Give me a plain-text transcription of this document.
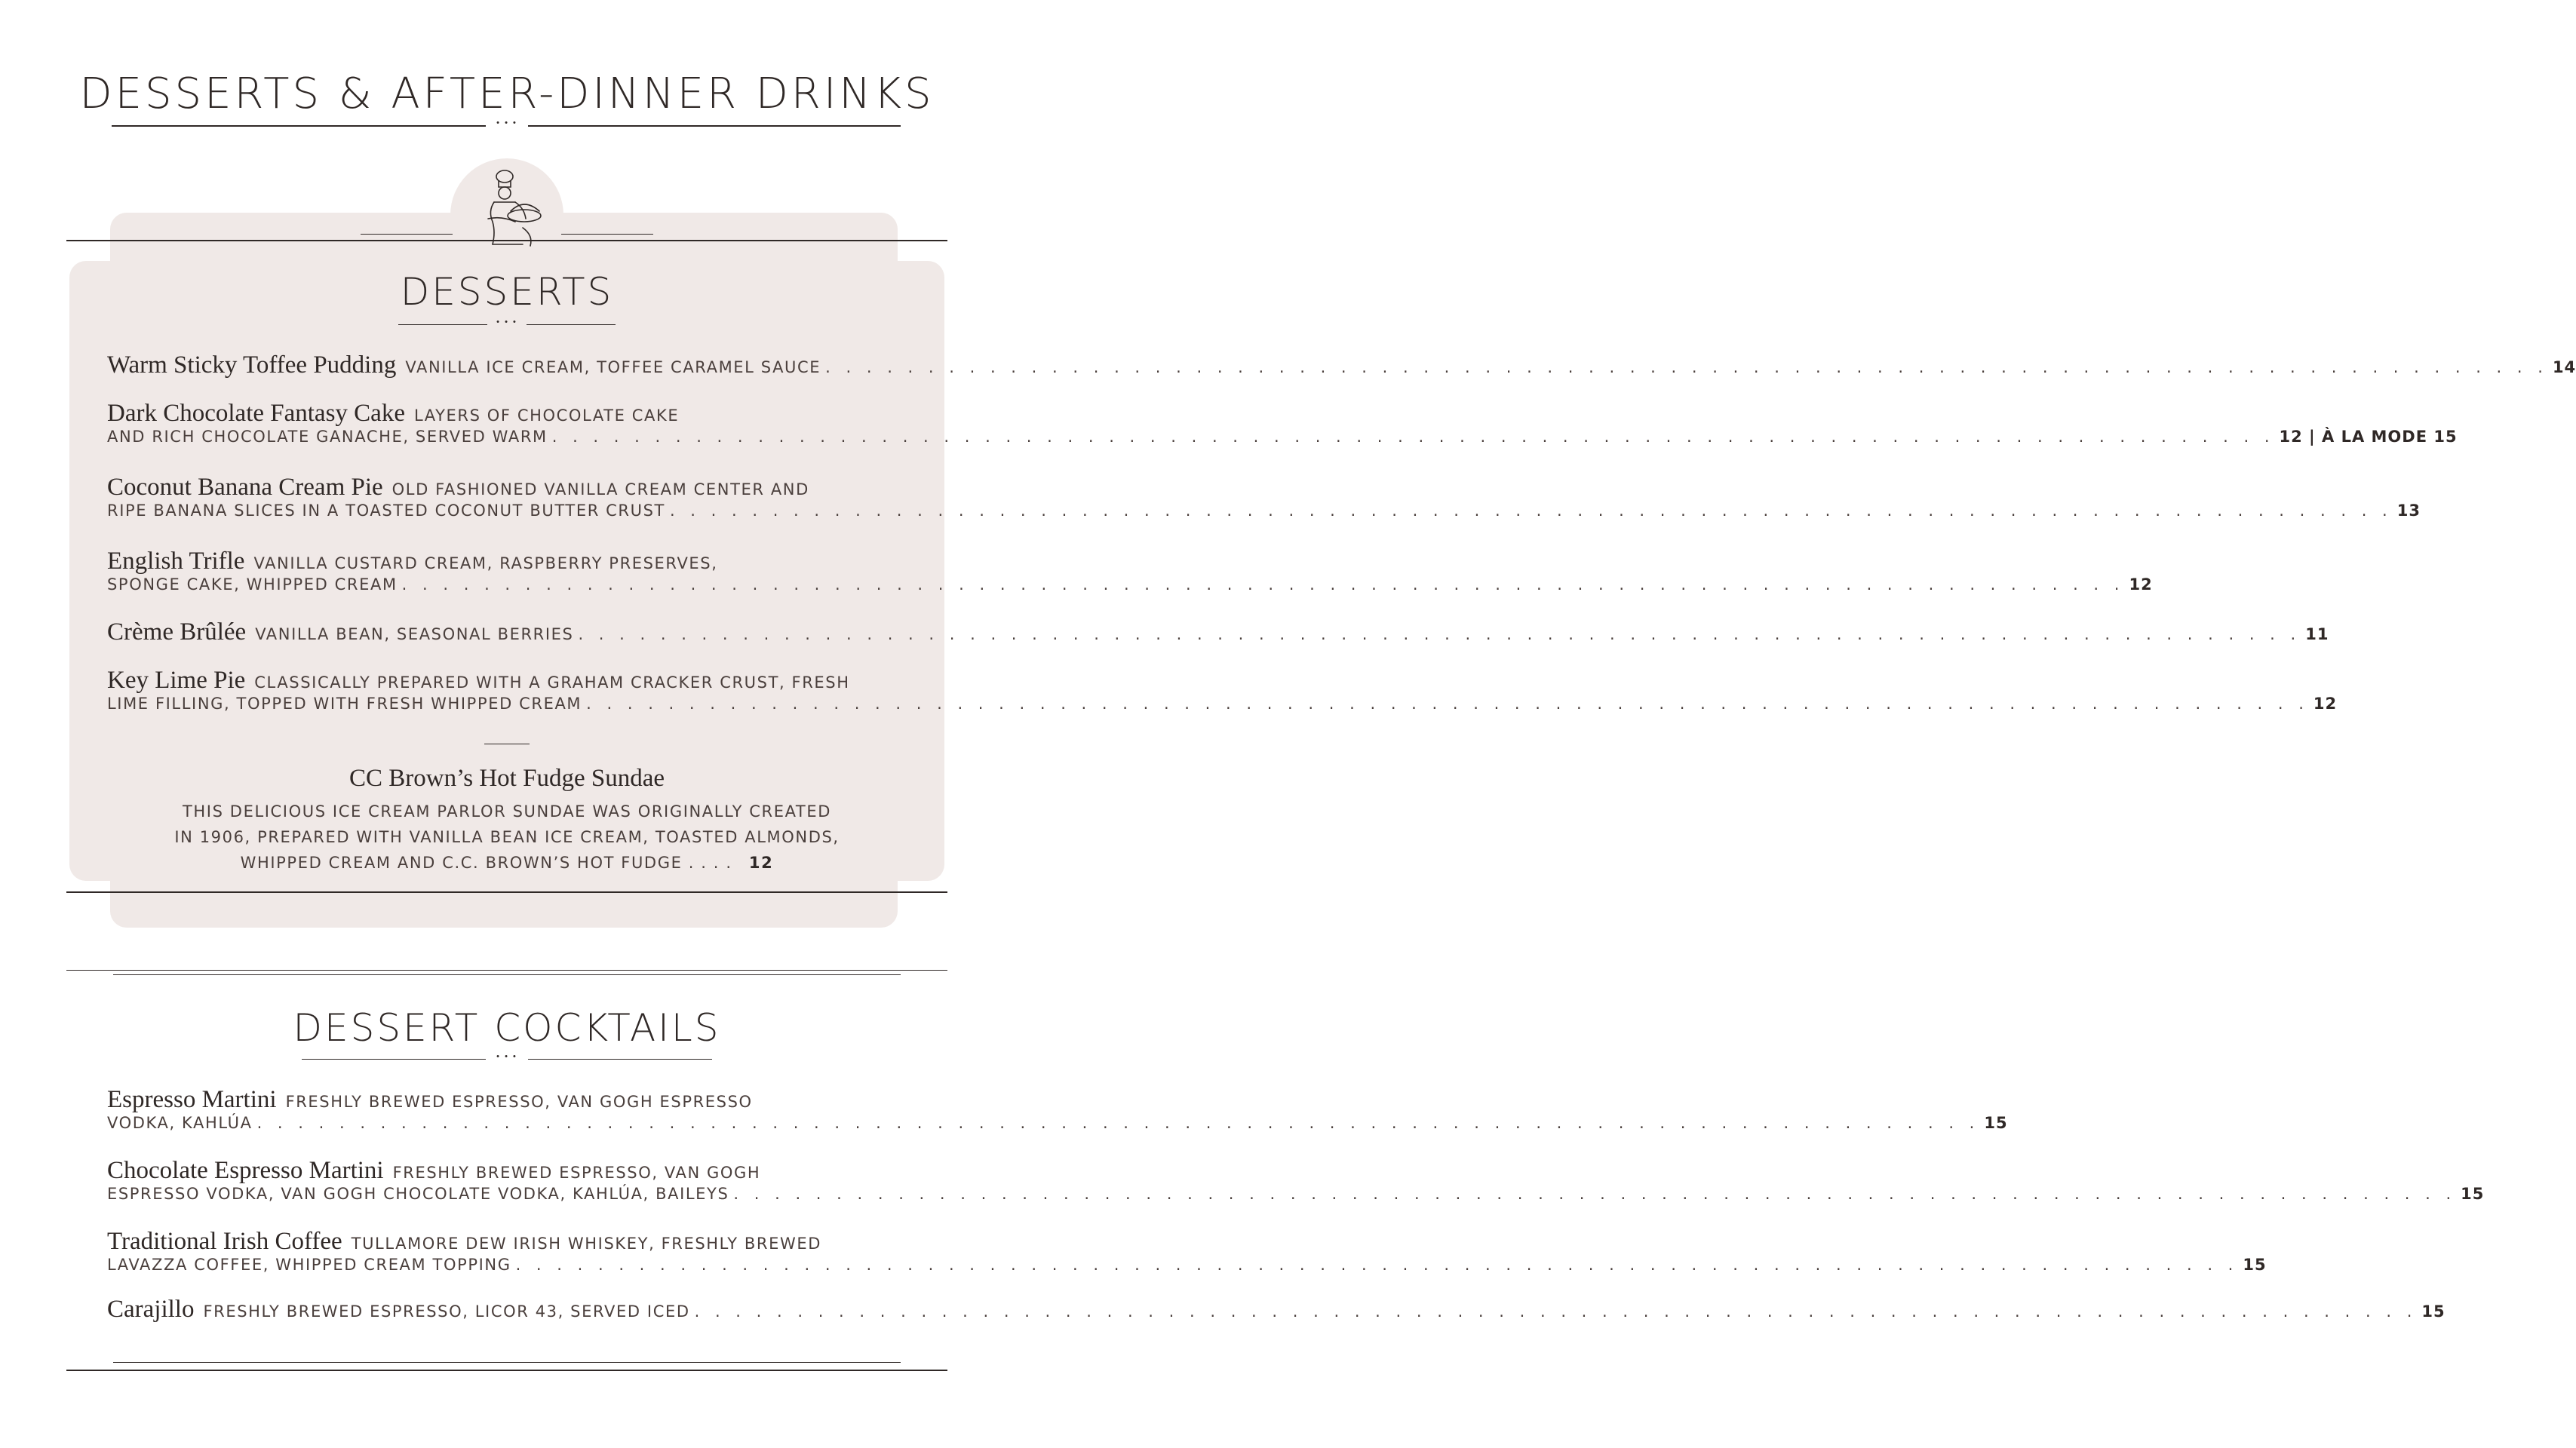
DESSERTS & AFTER-DINNER DRINKS
• • •
DESSERTS
• • •
Warm Sticky Toffee Pudding VANILLA ICE CREAM, TOFFEE CARAMEL SAUCE . . . . . . . . . . . . . . . . . . . . . . . . . . . . . . . . . . . . . . . . . . . . . . . . . . . . . . . . . . . . . . . . . . . . . . . . . . . . . . . . . . . . 14
Dark Chocolate Fantasy Cake LAYERS OF CHOCOLATE CAKE
AND RICH CHOCOLATE GANACHE, SERVED WARM . . . . . . . . . . . . . . . . . . . . . . . . . . . . . . . . . . . . . . . . . . . . . . . . . . . . . . . . . . . . . . . . . . . . . . . . . . . . . . . . . . . . 12 | À LA MODE 15
Coconut Banana Cream Pie OLD FASHIONED VANILLA CREAM CENTER AND
RIPE BANANA SLICES IN A TOASTED COCONUT BUTTER CRUST . . . . . . . . . . . . . . . . . . . . . . . . . . . . . . . . . . . . . . . . . . . . . . . . . . . . . . . . . . . . . . . . . . . . . . . . . . . . . . . . . . . . 13
English Trifle VANILLA CUSTARD CREAM, RASPBERRY PRESERVES,
SPONGE CAKE, WHIPPED CREAM . . . . . . . . . . . . . . . . . . . . . . . . . . . . . . . . . . . . . . . . . . . . . . . . . . . . . . . . . . . . . . . . . . . . . . . . . . . . . . . . . . . . 12
Crème Brûlée VANILLA BEAN, SEASONAL BERRIES . . . . . . . . . . . . . . . . . . . . . . . . . . . . . . . . . . . . . . . . . . . . . . . . . . . . . . . . . . . . . . . . . . . . . . . . . . . . . . . . . . . . 11
Key Lime Pie CLASSICALLY PREPARED WITH A GRAHAM CRACKER CRUST, FRESH
LIME FILLING, TOPPED WITH FRESH WHIPPED CREAM . . . . . . . . . . . . . . . . . . . . . . . . . . . . . . . . . . . . . . . . . . . . . . . . . . . . . . . . . . . . . . . . . . . . . . . . . . . . . . . . . . . . 12
CC Brown’s Hot Fudge Sundae
THIS DELICIOUS ICE CREAM PARLOR SUNDAE WAS ORIGINALLY CREATED
IN 1906, PREPARED WITH VANILLA BEAN ICE CREAM, TOASTED ALMONDS,
WHIPPED CREAM AND C.C. BROWN’S HOT FUDGE . . . . 12
DESSERT COCKTAILS
• • •
Espresso Martini FRESHLY BREWED ESPRESSO, VAN GOGH ESPRESSO
VODKA, KAHLÚA . . . . . . . . . . . . . . . . . . . . . . . . . . . . . . . . . . . . . . . . . . . . . . . . . . . . . . . . . . . . . . . . . . . . . . . . . . . . . . . . . . . . 15
Chocolate Espresso Martini FRESHLY BREWED ESPRESSO, VAN GOGH
ESPRESSO VODKA, VAN GOGH CHOCOLATE VODKA, KAHLÚA, BAILEYS . . . . . . . . . . . . . . . . . . . . . . . . . . . . . . . . . . . . . . . . . . . . . . . . . . . . . . . . . . . . . . . . . . . . . . . . . . . . . . . . . . . . 15
Traditional Irish Coffee TULLAMORE DEW IRISH WHISKEY, FRESHLY BREWED
LAVAZZA COFFEE, WHIPPED CREAM TOPPING . . . . . . . . . . . . . . . . . . . . . . . . . . . . . . . . . . . . . . . . . . . . . . . . . . . . . . . . . . . . . . . . . . . . . . . . . . . . . . . . . . . . 15
Carajillo FRESHLY BREWED ESPRESSO, LICOR 43, SERVED ICED . . . . . . . . . . . . . . . . . . . . . . . . . . . . . . . . . . . . . . . . . . . . . . . . . . . . . . . . . . . . . . . . . . . . . . . . . . . . . . . . . . . . 15
